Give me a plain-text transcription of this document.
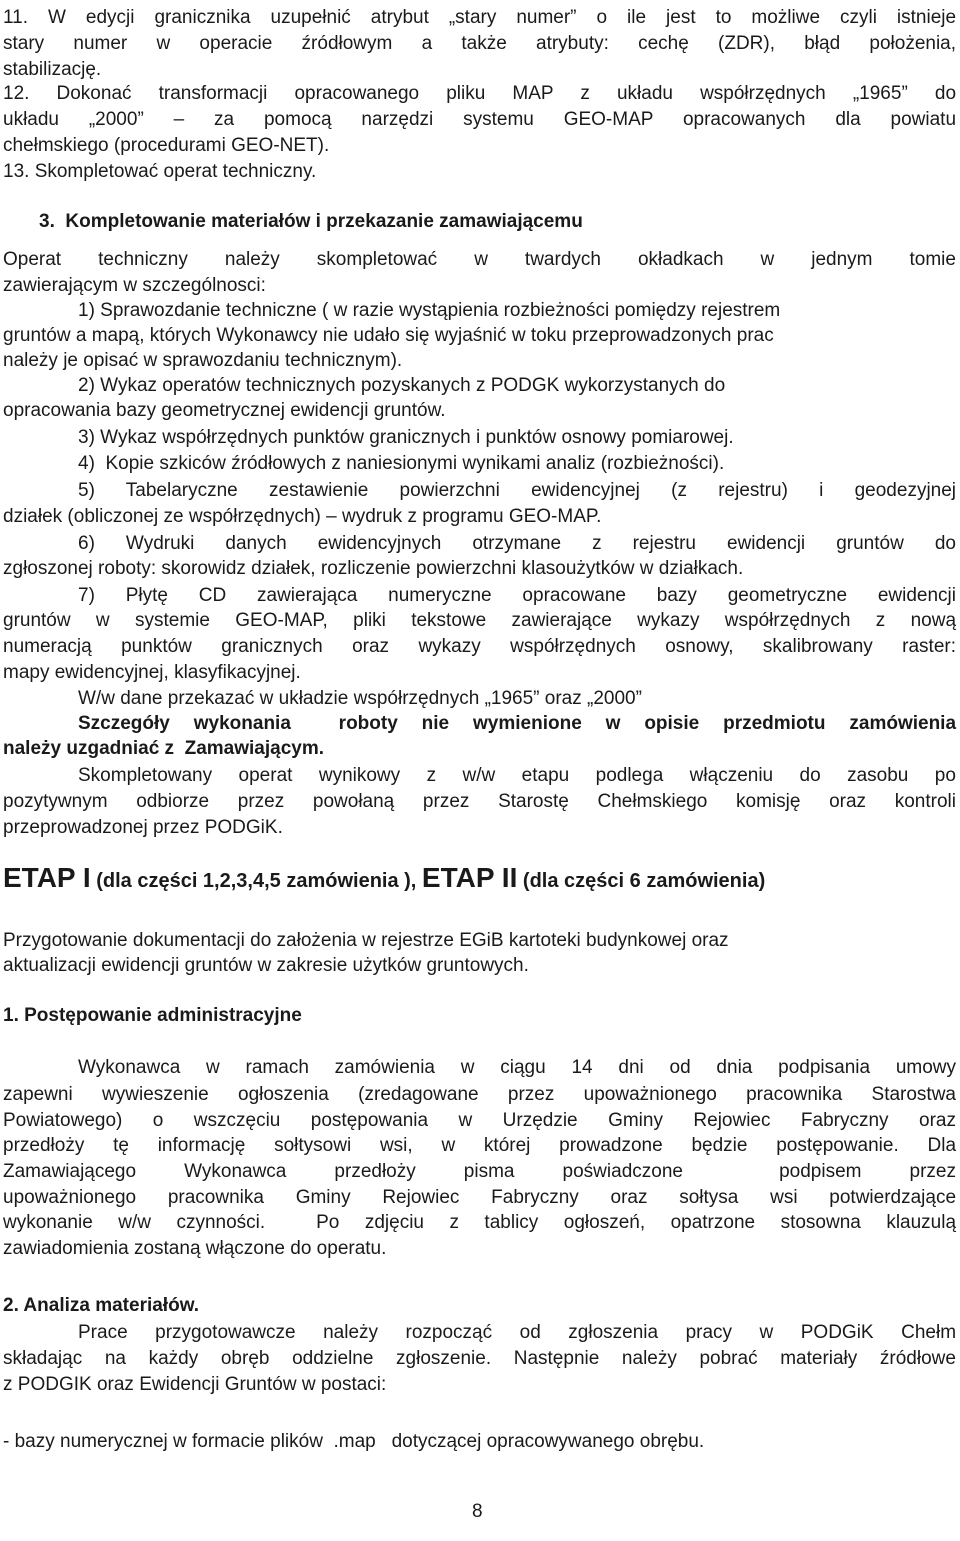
11. W edycji granicznika uzupełnić atrybut „stary numer” o ile jest to możliwe czyli istnieje
stary numer w operacie źródłowym a także atrybuty: cechę (ZDR), błąd położenia,
stabilizację.
12. Dokonać transformacji opracowanego pliku MAP z układu współrzędnych „1965” do
układu „2000” – za pomocą narzędzi systemu GEO-MAP opracowanych dla powiatu
chełmskiego (procedurami GEO-NET).
13. Skompletować operat techniczny.
3.  Kompletowanie materiałów i przekazanie zamawiającemu
Operat techniczny należy skompletować w twardych okładkach w jednym tomie
zawierającym w szczególnosci:
1) Sprawozdanie techniczne ( w razie wystąpienia rozbieżności pomiędzy rejestrem
gruntów a mapą, których Wykonawcy nie udało się wyjaśnić w toku przeprowadzonych prac
należy je opisać w sprawozdaniu technicznym).
2) Wykaz operatów technicznych pozyskanych z PODGK wykorzystanych do
opracowania bazy geometrycznej ewidencji gruntów.
3) Wykaz współrzędnych punktów granicznych i punktów osnowy pomiarowej.
4)  Kopie szkiców źródłowych z naniesionymi wynikami analiz (rozbieżności).
5) Tabelaryczne zestawienie powierzchni ewidencyjnej (z rejestru) i geodezyjnej
działek (obliczonej ze współrzędnych) – wydruk z programu GEO-MAP.
6) Wydruki danych ewidencyjnych otrzymane z rejestru ewidencji gruntów do
zgłoszonej roboty: skorowidz działek, rozliczenie powierzchni klasoużytków w działkach.
7) Płytę CD zawierająca numeryczne opracowane bazy geometryczne ewidencji
gruntów w systemie GEO-MAP, pliki tekstowe zawierające wykazy współrzędnych z nową
numeracją punktów granicznych oraz wykazy współrzędnych osnowy, skalibrowany raster:
mapy ewidencyjnej, klasyfikacyjnej.
W/w dane przekazać w układzie współrzędnych „1965” oraz „2000”
Szczegóły wykonania  roboty nie wymienione w opisie przedmiotu zamówienia
należy uzgadniać z  Zamawiającym.
Skompletowany operat wynikowy z w/w etapu podlega włączeniu do zasobu po
pozytywnym odbiorze przez powołaną przez Starostę Chełmskiego komisję oraz kontroli
przeprowadzonej przez PODGiK.
Przygotowanie dokumentacji do założenia w rejestrze EGiB kartoteki budynkowej oraz
aktualizacji ewidencji gruntów w zakresie użytków gruntowych.
1. Postępowanie administracyjne
Wykonawca w ramach zamówienia w ciągu 14 dni od dnia podpisania umowy
zapewni wywieszenie ogłoszenia (zredagowane przez upoważnionego pracownika Starostwa
Powiatowego) o wszczęciu postępowania w Urzędzie Gminy Rejowiec Fabryczny oraz
przedłoży tę informację sołtysowi wsi, w której prowadzone będzie postępowanie. Dla
Zamawiającego Wykonawca przedłoży pisma poświadczone  podpisem przez
upoważnionego pracownika Gminy Rejowiec Fabryczny oraz sołtysa wsi potwierdzające
wykonanie w/w czynności.  Po zdjęciu z tablicy ogłoszeń, opatrzone stosowna klauzulą
zawiadomienia zostaną włączone do operatu.
2. Analiza materiałów.
Prace przygotowawcze należy rozpocząć od zgłoszenia pracy w PODGiK Chełm
składając na każdy obręb oddzielne zgłoszenie. Następnie należy pobrać materiały źródłowe
z PODGIK oraz Ewidencji Gruntów w postaci:
- bazy numerycznej w formacie plików  .map   dotyczącej opracowywanego obrębu.
8
ETAP I (dla części 1,2,3,4,5 zamówienia ), ETAP II (dla części 6 zamówienia)
